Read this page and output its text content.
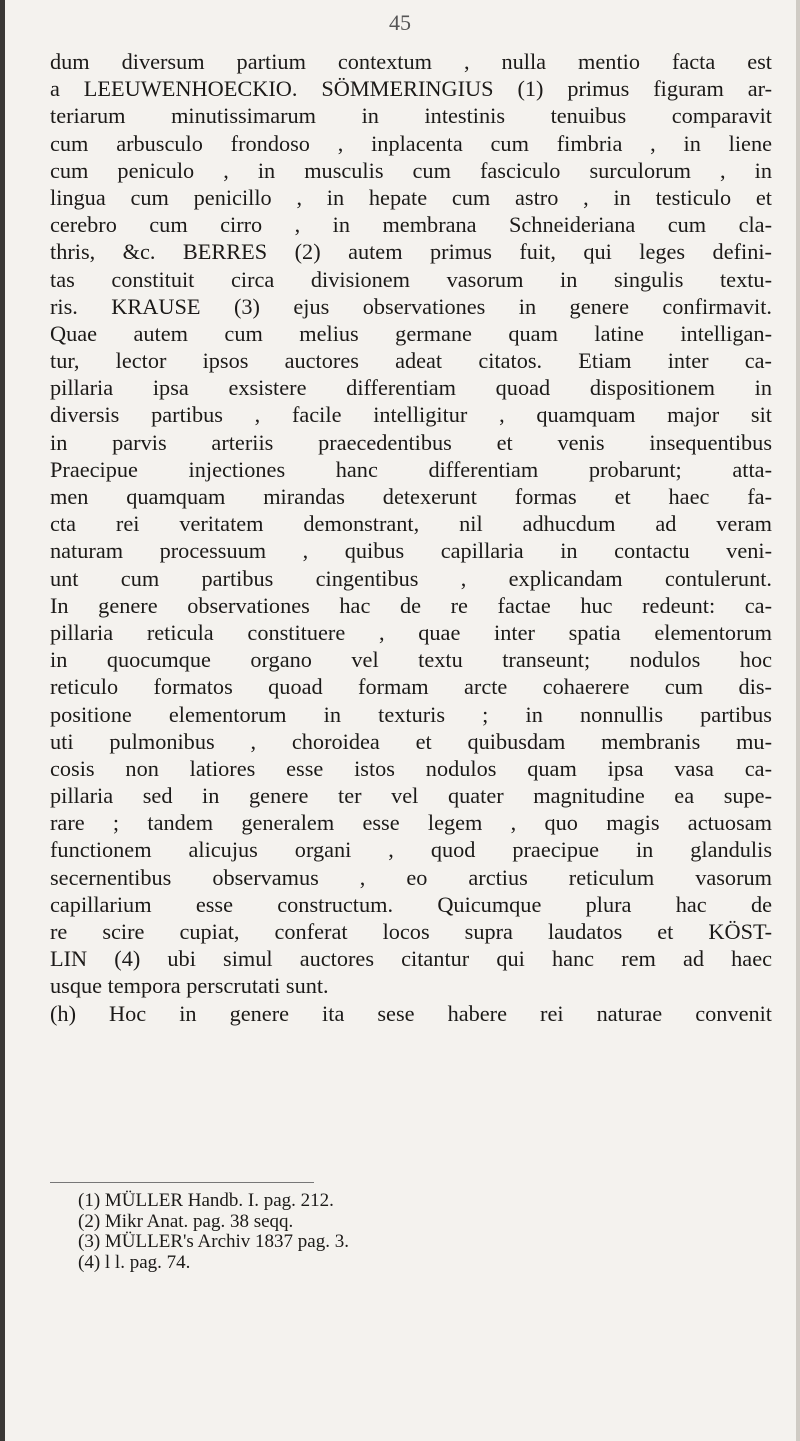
45
dum diversum partium contextum , nulla mentio facta est
a LEEUWENHOECKIO. SÖMMERINGIUS (1) primus figuram ar-
teriarum minutissimarum in intestinis tenuibus comparavit
cum arbusculo frondoso , inplacenta cum fimbria , in liene
cum peniculo , in musculis cum fasciculo surculorum , in
lingua cum penicillo , in hepate cum astro , in testiculo et
cerebro cum cirro , in membrana Schneideriana cum cla-
thris, &c. BERRES (2) autem primus fuit, qui leges defini-
tas constituit circa divisionem vasorum in singulis textu-
ris. KRAUSE (3) ejus observationes in genere confirmavit.
Quae autem cum melius germane quam latine intelligan-
tur, lector ipsos auctores adeat citatos. Etiam inter ca-
pillaria ipsa exsistere differentiam quoad dispositionem in
diversis partibus , facile intelligitur , quamquam major sit
in parvis arteriis praecedentibus et venis insequentibus
Praecipue injectiones hanc differentiam probarunt; atta-
men quamquam mirandas detexerunt formas et haec fa-
cta rei veritatem demonstrant, nil adhucdum ad veram
naturam processuum , quibus capillaria in contactu veni-
unt cum partibus cingentibus , explicandam contulerunt.
In genere observationes hac de re factae huc redeunt: ca-
pillaria reticula constituere , quae inter spatia elementorum
in quocumque organo vel textu transeunt; nodulos hoc
reticulo formatos quoad formam arcte cohaerere cum dis-
positione elementorum in texturis ; in nonnullis partibus
uti pulmonibus , choroidea et quibusdam membranis mu-
cosis non latiores esse istos nodulos quam ipsa vasa ca-
pillaria sed in genere ter vel quater magnitudine ea supe-
rare ; tandem generalem esse legem , quo magis actuosam
functionem alicujus organi , quod praecipue in glandulis
secernentibus observamus , eo arctius reticulum vasorum
capillarium esse constructum. Quicumque plura hac de
re scire cupiat, conferat locos supra laudatos et KÖST-
LIN (4) ubi simul auctores citantur qui hanc rem ad haec
usque tempora perscrutati sunt.
(h) Hoc in genere ita sese habere rei naturae convenit
(1) MÜLLER Handb. I. pag. 212.
(2) Mikr Anat. pag. 38 seqq.
(3) MÜLLER's Archiv 1837 pag. 3.
(4) l l. pag. 74.
